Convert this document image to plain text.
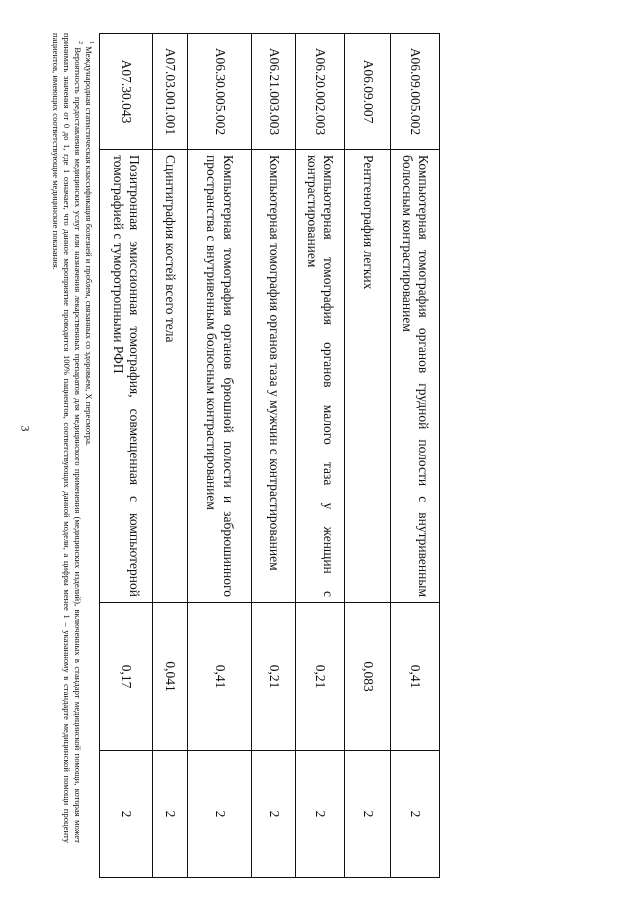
3
A06.09.005.002	Компьютерная томография органов грудной полости с внутривенным болюсным контрастированием	0,41	2
A06.09.007	Рентгенография легких	0,083	2
A06.20.002.003	Компьютерная томография органов малого таза у женщин с контрастированием	0,21	2
A06.21.003.003	Компьютерная томография органов таза у мужчин с контрастированием	0,21	2
A06.30.005.002	Компьютерная томография органов брюшной полости и забрюшинного пространства с внутривенным болюсным контрастированием	0,41	2
A07.03.001.001	Сцинтиграфия костей всего тела	0,041	2
A07.30.043	Позитронная эмиссионная томография, совмещенная с компьютерной томографией с туморотропными РФП	0,17	2

$^1$ Международная статистическая классификация болезней и проблем, связанных со здоровьем, X пересмотра.

$^2$ Вероятность предоставления медицинских услуг или назначения лекарственных препаратов для медицинского применения (медицинских изделий), включенных в стандарт медицинской помощи, которая может принимать значения от 0 до 1, где 1 означает, что данное мероприятие проводится 100% пациентов, соответствующих данной модели, а цифры менее 1 – указанному в стандарте медицинской помощи проценту пациентов, имеющих соответствующие медицинские показания.
